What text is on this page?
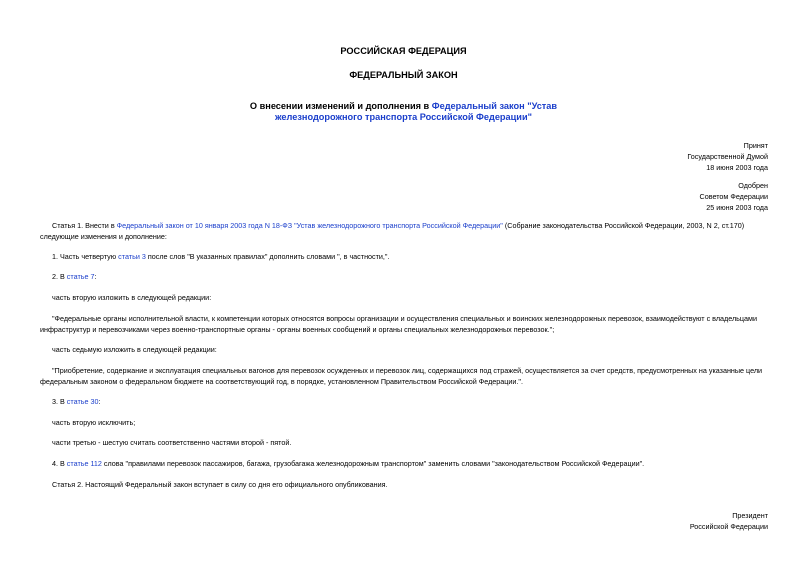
РОССИЙСКАЯ ФЕДЕРАЦИЯ
ФЕДЕРАЛЬНЫЙ ЗАКОН
О внесении изменений и дополнения в Федеральный закон "Устав
железнодорожного транспорта Российской Федерации"
Принят
Государственной Думой
18 июня 2003 года
Одобрен
Советом Федерации
25 июня 2003 года
Статья 1. Внести в Федеральный закон от 10 января 2003 года N 18-ФЗ "Устав железнодорожного транспорта Российской Федерации" (Собрание законодательства Российской Федерации, 2003, N 2, ст.170)
следующие изменения и дополнение:
1. Часть четвертую статьи 3 после слов "В указанных правилах" дополнить словами ", в частности,".
2. В статье 7:
часть вторую изложить в следующей редакции:
"Федеральные органы исполнительной власти, к компетенции которых относятся вопросы организации и осуществления специальных и воинских железнодорожных перевозок, взаимодействуют с владельцами
инфраструктур и перевозчиками через военно-транспортные органы - органы военных сообщений и органы специальных железнодорожных перевозок.";
часть седьмую изложить в следующей редакции:
"Приобретение, содержание и эксплуатация специальных вагонов для перевозок осужденных и перевозок лиц, содержащихся под стражей, осуществляется за счет средств, предусмотренных на указанные цели
федеральным законом о федеральном бюджете на соответствующий год, в порядке, установленном Правительством Российской Федерации.".
3. В статье 30:
часть вторую исключить;
части третью - шестую считать соответственно частями второй - пятой.
4. В статье 112 слова "правилами перевозок пассажиров, багажа, грузобагажа железнодорожным транспортом" заменить словами "законодательством Российской Федерации".
Статья 2. Настоящий Федеральный закон вступает в силу со дня его официального опубликования.
Президент
Российской Федерации
